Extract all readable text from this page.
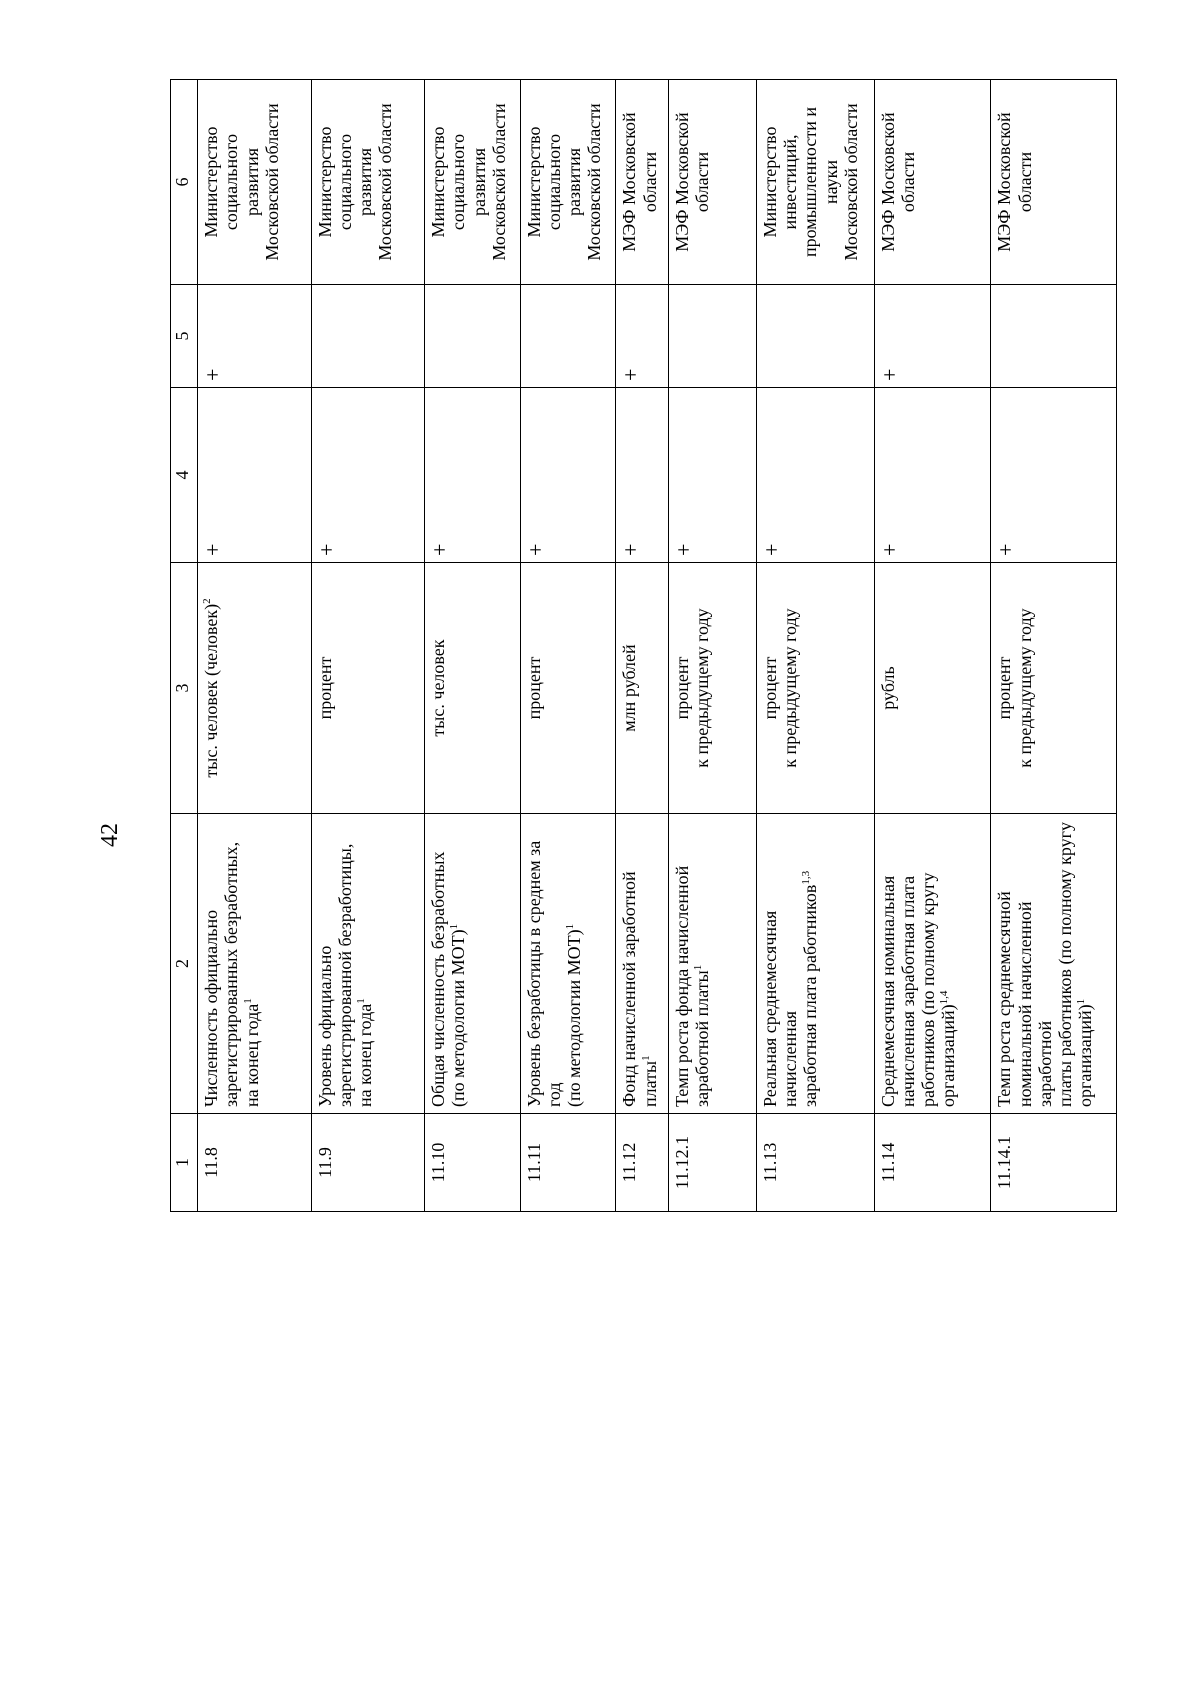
42
1	2	3	4	5	6
11.8	Численность официально зарегистрированных безработных, на конец года$^1$	тыс. человек (человек)$^2$	+	+	Министерство социального развития Московской области

11.9	Уровень официально зарегистрированной безработицы, на конец года$^1$	процент	+		Министерство социального развития Московской области

11.10	Общая численность безработных (по методологии МОТ)$^1$	тыс. человек	+		Министерство социального развития Московской области

11.11	Уровень безработицы в среднем за год (по методологии МОТ)$^1$	процент	+		Министерство социального развития Московской области

11.12	Фонд начисленной заработной платы$^1$	млн рублей	+	+	МЭФ Московской области

11.12.1	Темп роста фонда начисленной заработной платы$^1$	процент к предыдущему году	+		МЭФ Московской области

11.13	Реальная среднемесячная начисленная заработная плата работников$^{1,3}$	процент к предыдущему году	+		Министерство инвестиций, промышленности и науки Московской области

11.14	Среднемесячная номинальная начисленная заработная плата работников (по полному кругу организаций)$^{1,4}$	рубль	+	+	МЭФ Московской области

11.14.1	Темп роста среднемесячной номинальной начисленной заработной платы работников (по полному кругу организаций)$^1$	процент к предыдущему году	+		МЭФ Московской области
